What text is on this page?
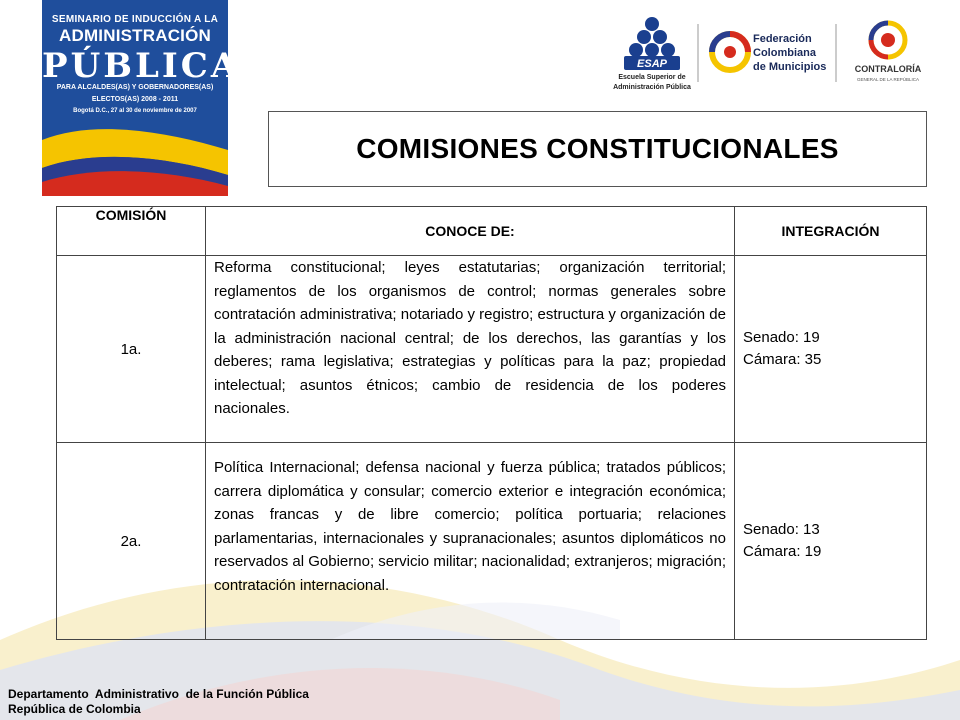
SEMINARIO DE INDUCCIÓN A LA
ADMINISTRACIÓN
PÚBLICA
PARA ALCALDES(AS) Y GOBERNADORES(AS)
ELECTOS(AS) 2008 - 2011
Bogotá D.C., 27 al 30 de noviembre de 2007
ESAP
Escuela Superior de
Administración Pública
Federación
Colombiana
de Municipios	CONTRALORÍA
GENERAL DE LA REPÚBLICA
COMISIONES CONSTITUCIONALES
COMISIÓN	CONOCE DE:	INTEGRACIÓN
1a.	Reforma constitucional; leyes estatutarias; organización territorial; reglamentos de los organismos de control; normas generales sobre contratación administrativa; notariado y registro; estructura y organización de la administración nacional central; de los derechos, las garantías y los deberes; rama legislativa; estrategias y políticas para la paz; propiedad intelectual; asuntos étnicos; cambio de residencia de los poderes nacionales.	Senado: 19
Cámara: 35

2a.	Política Internacional; defensa nacional y fuerza pública; tratados públicos; carrera diplomática y consular; comercio exterior e integración económica; zonas francas y de libre comercio; política portuaria; relaciones parlamentarias, internacionales y supranacionales; asuntos diplomáticos no reservados al Gobierno; servicio militar; nacionalidad; extranjeros; migración; contratación internacional.	Senado: 13
Cámara: 19
Departamento  Administrativo  de la Función Pública
República de Colombia
